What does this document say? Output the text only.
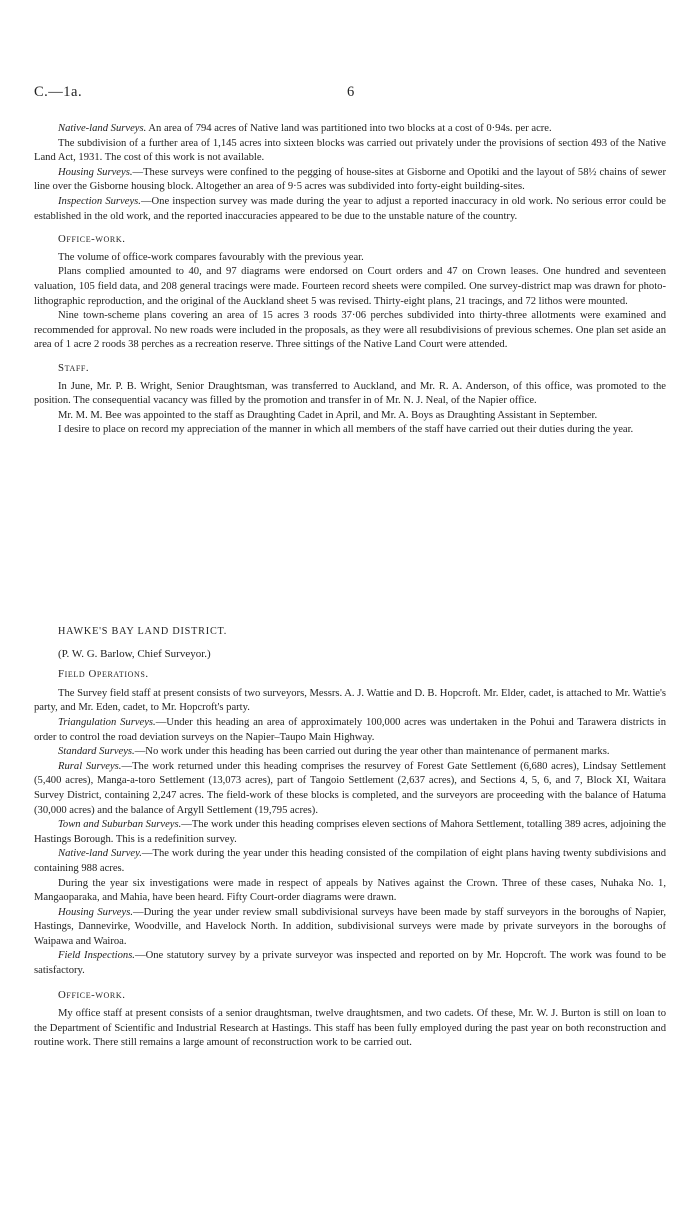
C.—1a.	6

Native-land Surveys. An area of 794 acres of Native land was partitioned into two blocks at a cost of 0·94s. per acre.

The subdivision of a further area of 1,145 acres into sixteen blocks was carried out privately under the provisions of section 493 of the Native Land Act, 1931. The cost of this work is not available.

Housing Surveys.—These surveys were confined to the pegging of house-sites at Gisborne and Opotiki and the layout of 58½ chains of sewer line over the Gisborne housing block. Altogether an area of 9·5 acres was subdivided into forty-eight building-sites.

Inspection Surveys.—One inspection survey was made during the year to adjust a reported inaccuracy in old work. No serious error could be established in the old work, and the reported inaccuracies appeared to be due to the unstable nature of the country.

Office-work.

The volume of office-work compares favourably with the previous year.

Plans complied amounted to 40, and 97 diagrams were endorsed on Court orders and 47 on Crown leases. One hundred and seventeen valuation, 105 field data, and 208 general tracings were made. Fourteen record sheets were compiled. One survey-district map was drawn for photo-lithographic reproduction, and the original of the Auckland sheet 5 was revised. Thirty-eight plans, 21 tracings, and 72 lithos were mounted.

Nine town-scheme plans covering an area of 15 acres 3 roods 37·06 perches subdivided into thirty-three allotments were examined and recommended for approval. No new roads were included in the proposals, as they were all resubdivisions of previous schemes. One plan set aside an area of 1 acre 2 roods 38 perches as a recreation reserve. Three sittings of the Native Land Court were attended.

Staff.

In June, Mr. P. B. Wright, Senior Draughtsman, was transferred to Auckland, and Mr. R. A. Anderson, of this office, was promoted to the position. The consequential vacancy was filled by the promotion and transfer in of Mr. N. J. Neal, of the Napier office.

Mr. M. M. Bee was appointed to the staff as Draughting Cadet in April, and Mr. A. Boys as Draughting Assistant in September.

I desire to place on record my appreciation of the manner in which all members of the staff have carried out their duties during the year.

HAWKE'S BAY LAND DISTRICT.

(P. W. G. Barlow, Chief Surveyor.)

Field Operations.

The Survey field staff at present consists of two surveyors, Messrs. A. J. Wattie and D. B. Hopcroft. Mr. Elder, cadet, is attached to Mr. Wattie's party, and Mr. Eden, cadet, to Mr. Hopcroft's party.

Triangulation Surveys.—Under this heading an area of approximately 100,000 acres was undertaken in the Pohui and Tarawera districts in order to control the road deviation surveys on the Napier–Taupo Main Highway.

Standard Surveys.—No work under this heading has been carried out during the year other than maintenance of permanent marks.

Rural Surveys.—The work returned under this heading comprises the resurvey of Forest Gate Settlement (6,680 acres), Lindsay Settlement (5,400 acres), Manga-a-toro Settlement (13,073 acres), part of Tangoio Settlement (2,637 acres), and Sections 4, 5, 6, and 7, Block XI, Waitara Survey District, containing 2,247 acres. The field-work of these blocks is completed, and the surveyors are proceeding with the balance of Hatuma (30,000 acres) and the balance of Argyll Settlement (19,795 acres).

Town and Suburban Surveys.—The work under this heading comprises eleven sections of Mahora Settlement, totalling 389 acres, adjoining the Hastings Borough. This is a redefinition survey.

Native-land Survey.—The work during the year under this heading consisted of the compilation of eight plans having twenty subdivisions and containing 988 acres.

During the year six investigations were made in respect of appeals by Natives against the Crown. Three of these cases, Nuhaka No. 1, Mangaoparaka, and Mahia, have been heard. Fifty Court-order diagrams were drawn.

Housing Surveys.—During the year under review small subdivisional surveys have been made by staff surveyors in the boroughs of Napier, Hastings, Dannevirke, Woodville, and Havelock North. In addition, subdivisional surveys were made by private surveyors in the boroughs of Waipawa and Wairoa.

Field Inspections.—One statutory survey by a private surveyor was inspected and reported on by Mr. Hopcroft. The work was found to be satisfactory.

Office-work.

My office staff at present consists of a senior draughtsman, twelve draughtsmen, and two cadets. Of these, Mr. W. J. Burton is still on loan to the Department of Scientific and Industrial Research at Hastings. This staff has been fully employed during the past year on both reconstruction and routine work. There still remains a large amount of reconstruction work to be carried out.
